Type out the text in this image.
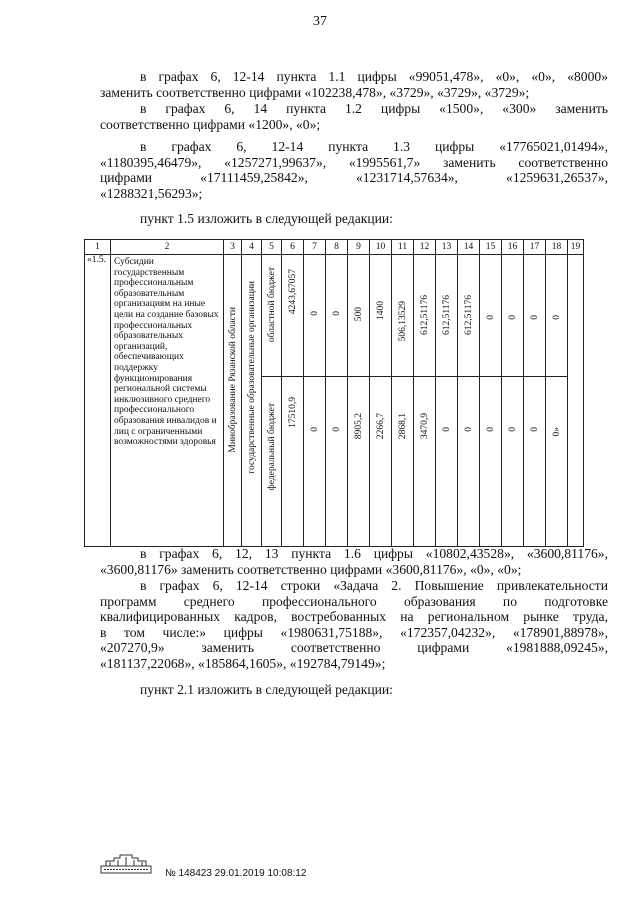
37
в графах 6, 12-14 пункта 1.1 цифры «99051,478», «0», «0», «8000»
заменить соответственно цифрами «102238,478», «3729», «3729», «3729»;
в графах 6, 14 пункта 1.2 цифры «1500», «300» заменить
соответственно цифрами «1200», «0»;
в графах 6, 12-14 пункта 1.3 цифры «17765021,01494»,
«1180395,46479», «1257271,99637», «1995561,7» заменить соответственно
цифрами «17111459,25842», «1231714,57634», «1259631,26537»,
«1288321,56293»;
пункт 1.5 изложить в следующей редакции:
1	2	3	4	5	6	7	8	9	10	11	12	13	14	15	16	17	18	19
«1.5.	Субсидии государственным профессиональным образовательным организациям на иные цели на создание базовых профессиональных образовательных организаций, обеспечивающих поддержку функционирования региональной системы инклюзивного среднего профессионального образования инвалидов и лиц с ограниченными возможностями здоровья	Минобразование Рязанской области	государственные образовательные организации	областной бюджет	4243,67057	0	0	500	1400	506,13529	612,51176	612,51176	612,51176	0	0	0	0	

				федеральный бюджет	17510,9	0	0	8905,2	2266,7	2868,1	3470,9	0	0	0	0	0	0»	
в графах 6, 12, 13 пункта 1.6 цифры «10802,43528», «3600,81176»,
«3600,81176» заменить соответственно цифрами «3600,81176», «0», «0»;
в графах 6, 12-14 строки «Задача 2. Повышение привлекательности
программ среднего профессионального образования по подготовке
квалифицированных кадров, востребованных на региональном рынке труда,
в том числе:» цифры «1980631,75188», «172357,04232», «178901,88978»,
«207270,9» заменить соответственно цифрами «1981888,09245»,
«181137,22068», «185864,1605», «192784,79149»;
пункт 2.1 изложить в следующей редакции:
№ 148423 29.01.2019 10:08:12
